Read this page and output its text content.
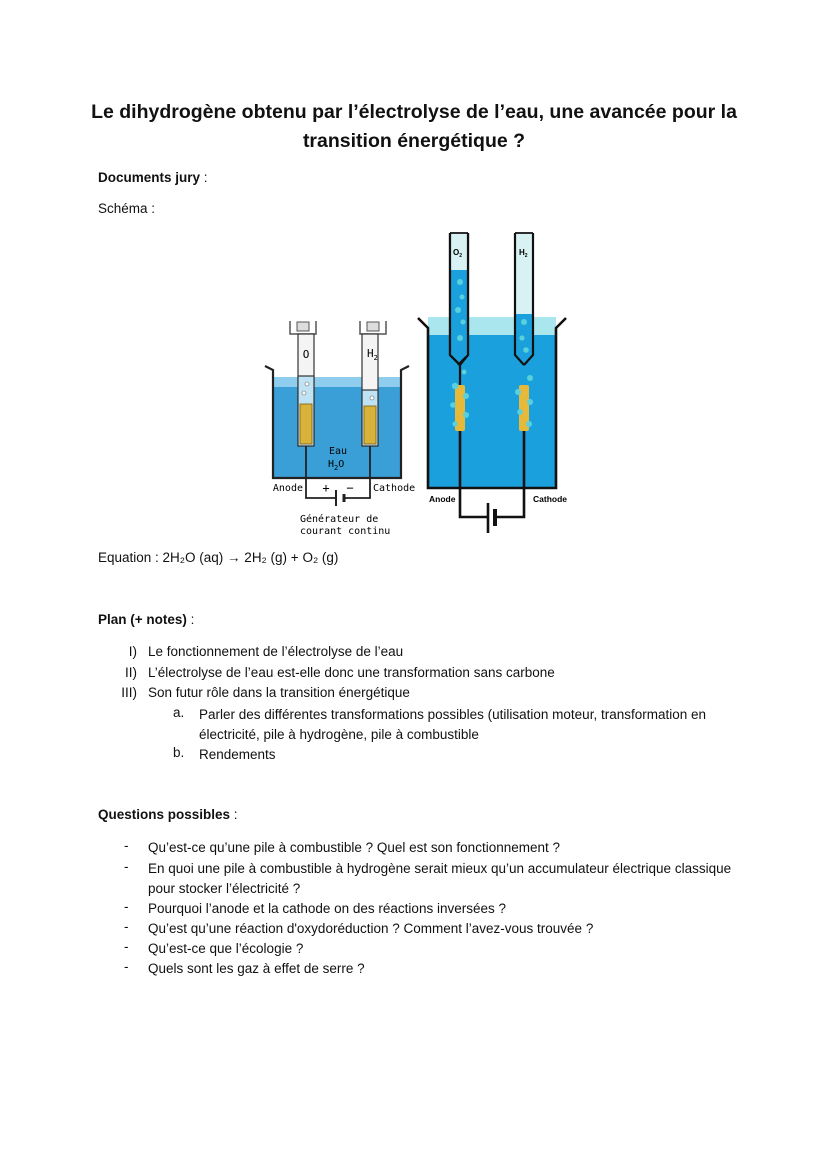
Le dihydrogène obtenu par l’électrolyse de l’eau, une avancée pour la transition énergétique ?
Documents jury :
Schéma :
O	$H_2$
Eau
$H_2O$
Anode	Cathode
+ −
Générateur de
courant continu
$O_2$	$H_2$
Anode	Cathode
Equation : 2H₂O (aq) → 2H₂ (g) + O₂ (g)
Plan (+ notes) :
I) Le fonctionnement de l’électrolyse de l’eau
II) L’électrolyse de l’eau est-elle donc une transformation sans carbone
III) Son futur rôle dans la transition énergétique
a. Parler des différentes transformations possibles (utilisation moteur, transformation en électricité, pile à hydrogène, pile à combustible
b. Rendements
Questions possibles :
- Qu’est-ce qu’une pile à combustible ? Quel est son fonctionnement ?
- En quoi une pile à combustible à hydrogène serait mieux qu’un accumulateur électrique classique pour stocker l’électricité ?
- Pourquoi l’anode et la cathode on des réactions inversées ?
- Qu’est qu’une réaction d'oxydoréduction ? Comment l’avez-vous trouvée ?
- Qu’est-ce que l’écologie ?
- Quels sont les gaz à effet de serre ?
